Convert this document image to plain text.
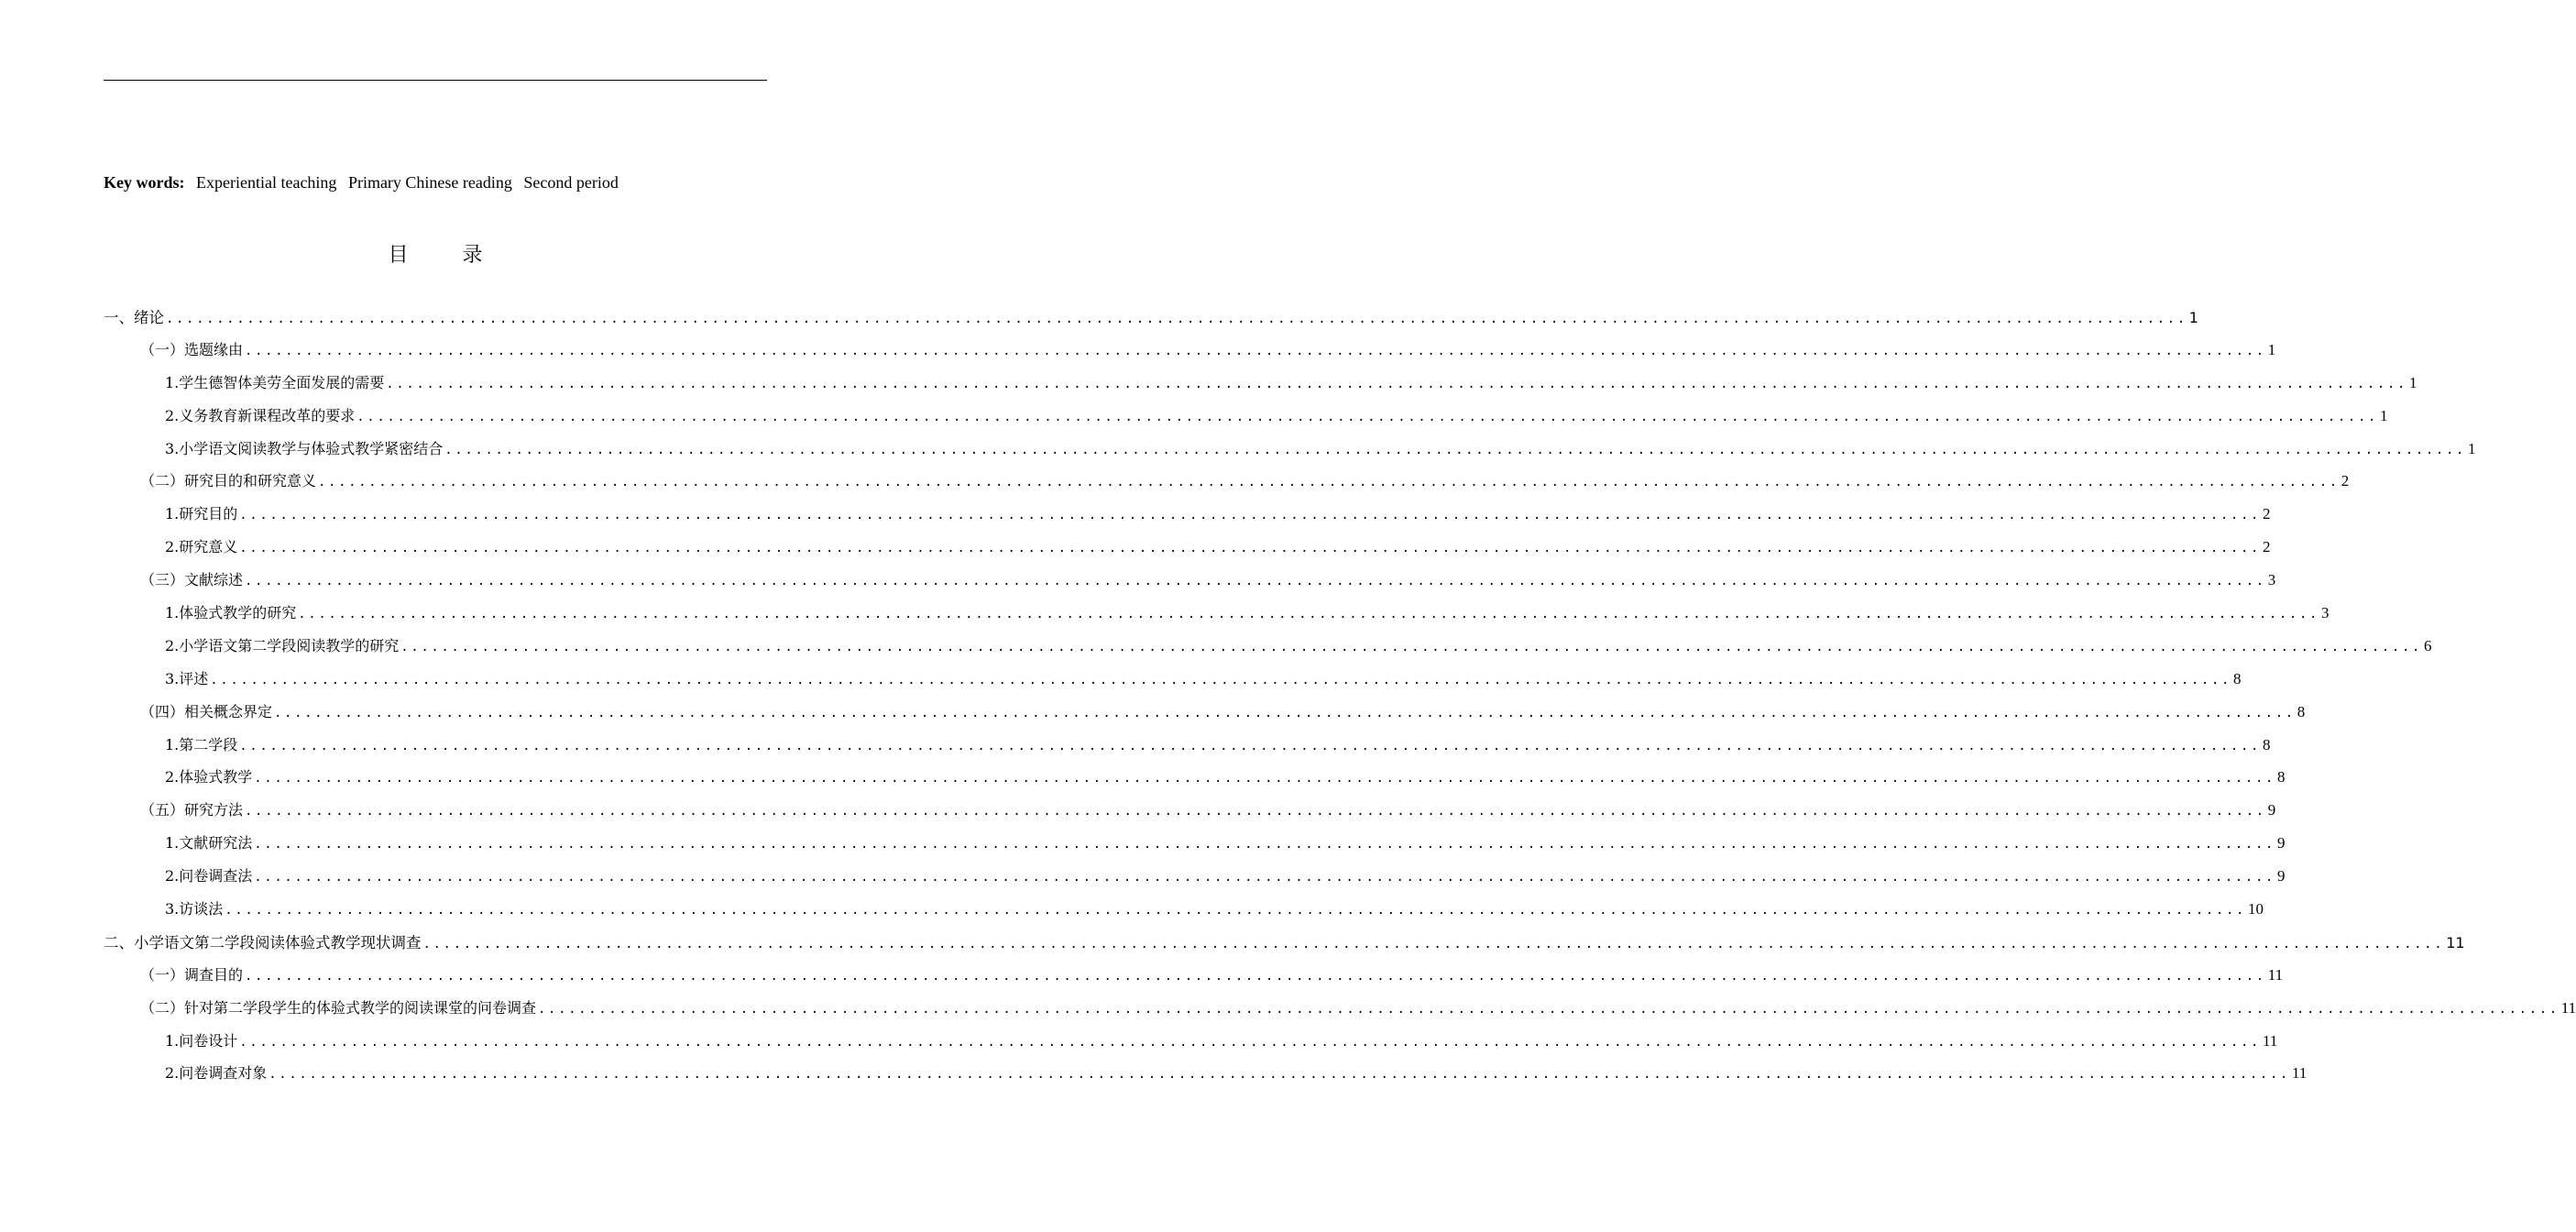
Key words: Experiential teaching Primary Chinese reading Second period
目 录
一、 绪论 ........................................................................................................................................................................................................ 1
（一） 选题缘由 ........................................................................................................................................................................................................ 1
1. 学生德智体美劳全面发展的需要 ........................................................................................................................................................................................................ 1
2. 义务教育新课程改革的要求 ........................................................................................................................................................................................................ 1
3. 小学语文阅读教学与体验式教学紧密结合 ........................................................................................................................................................................................................ 1
（二） 研究目的和研究意义 ........................................................................................................................................................................................................ 2
1. 研究目的 ........................................................................................................................................................................................................ 2
2. 研究意义 ........................................................................................................................................................................................................ 2
（三） 文献综述 ........................................................................................................................................................................................................ 3
1. 体验式教学的研究 ........................................................................................................................................................................................................ 3
2. 小学语文第二学段阅读教学的研究 ........................................................................................................................................................................................................ 6
3. 评述 ........................................................................................................................................................................................................ 8
（四） 相关概念界定 ........................................................................................................................................................................................................ 8
1. 第二学段 ........................................................................................................................................................................................................ 8
2. 体验式教学 ........................................................................................................................................................................................................ 8
（五） 研究方法 ........................................................................................................................................................................................................ 9
1. 文献研究法 ........................................................................................................................................................................................................ 9
2. 问卷调查法 ........................................................................................................................................................................................................ 9
3. 访谈法 ........................................................................................................................................................................................................ 10
二、 小学语文第二学段阅读体验式教学现状调查 ........................................................................................................................................................................................................ 11
（一） 调查目的 ........................................................................................................................................................................................................ 11
（二） 针对第二学段学生的体验式教学的阅读课堂的问卷调查 ........................................................................................................................................................................................................ 11
1. 问卷设计 ........................................................................................................................................................................................................ 11
2. 问卷调查对象 ........................................................................................................................................................................................................ 11
